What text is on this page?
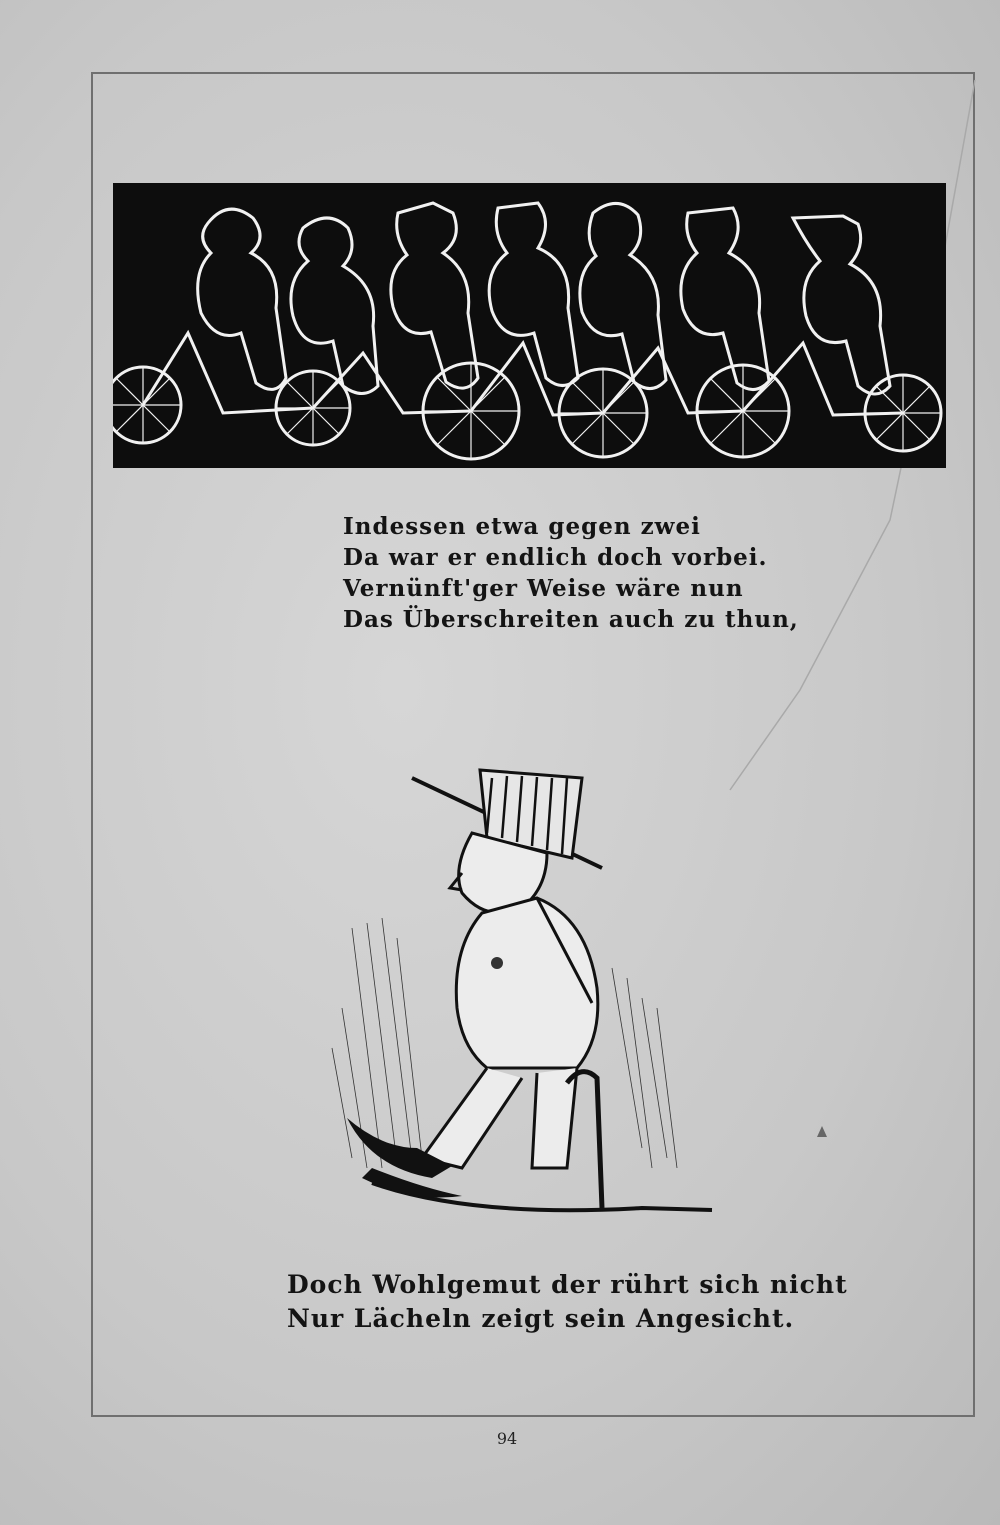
Indessen etwa gegen zwei
Da war er endlich doch vorbei.
Vernünft'ger Weise wäre nun
Das Überschreiten auch zu thun,
Doch Wohlgemut der rührt sich nicht
Nur Lächeln zeigt sein Angesicht.
94
